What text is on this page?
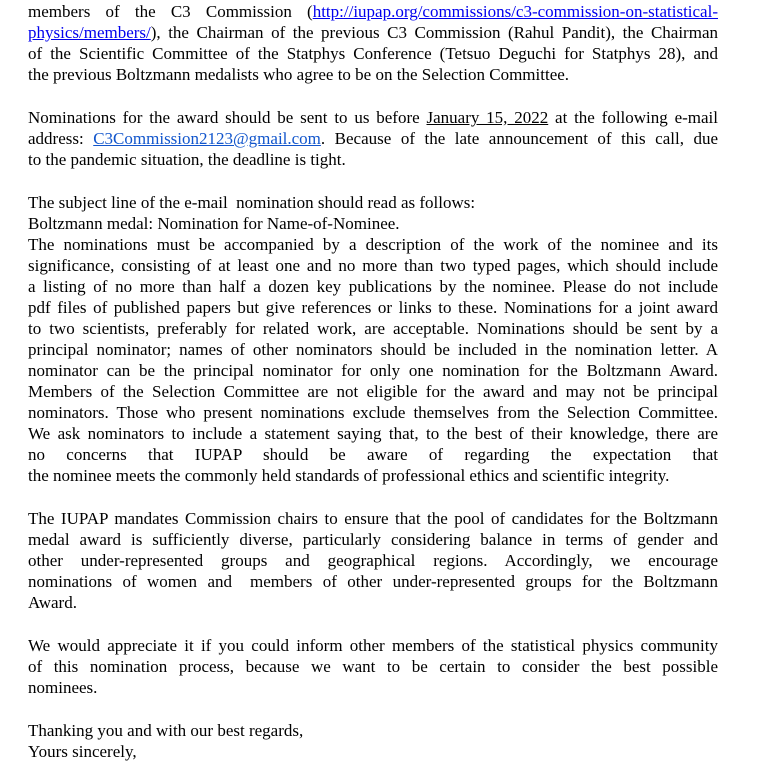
members of the C3 Commission (http://iupap.org/commissions/c3-commission-on-statistical-
physics/members/), the Chairman of the previous C3 Commission (Rahul Pandit), the Chairman
of the Scientific Committee of the Statphys Conference (Tetsuo Deguchi for Statphys 28), and
the previous Boltzmann medalists who agree to be on the Selection Committee.
Nominations for the award should be sent to us before January 15, 2022 at the following e-mail
address: C3Commission2123@gmail.com. Because of the late announcement of this call, due
to the pandemic situation, the deadline is tight.
The subject line of the e-mail  nomination should read as follows:
Boltzmann medal: Nomination for Name-of-Nominee.
The nominations must be accompanied by a description of the work of the nominee and its
significance, consisting of at least one and no more than two typed pages, which should include
a listing of no more than half a dozen key publications by the nominee. Please do not include
pdf files of published papers but give references or links to these. Nominations for a joint award
to two scientists, preferably for related work, are acceptable. Nominations should be sent by a
principal nominator; names of other nominators should be included in the nomination letter. A
nominator can be the principal nominator for only one nomination for the Boltzmann Award.
Members of the Selection Committee are not eligible for the award and may not be principal
nominators. Those who present nominations exclude themselves from the Selection Committee.
We ask nominators to include a statement saying that, to the best of their knowledge, there are
no concerns that IUPAP should be aware of regarding the expectation that
the nominee meets the commonly held standards of professional ethics and scientific integrity.
The IUPAP mandates Commission chairs to ensure that the pool of candidates for the Boltzmann
medal award is sufficiently diverse, particularly considering balance in terms of gender and
other under-represented groups and geographical regions. Accordingly, we encourage
nominations of women and members of other under-represented groups for the Boltzmann
Award.
We would appreciate it if you could inform other members of the statistical physics community
of this nomination process, because we want to be certain to consider the best possible
nominees.
Thanking you and with our best regards,
Yours sincerely,
